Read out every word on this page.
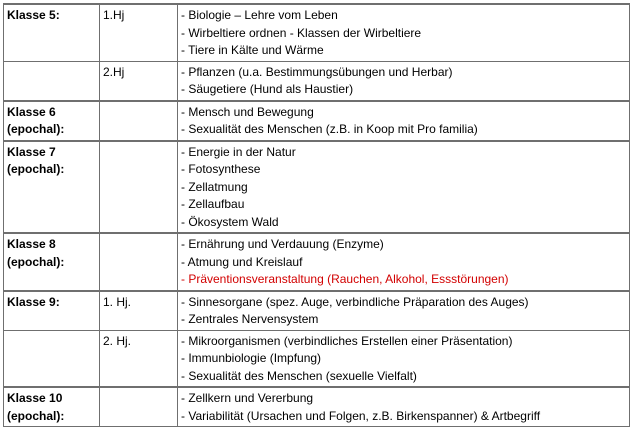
Klasse 5:	1.Hj	- Biologie – Lehre vom Leben
- Wirbeltiere ordnen - Klassen der Wirbeltiere
- Tiere in Kälte und Wärme

	2.Hj	- Pflanzen (u.a. Bestimmungsübungen und Herbar)
- Säugetiere (Hund als Haustier)

Klasse 6 (epochal):		- Mensch und Bewegung
- Sexualität des Menschen (z.B. in Koop mit Pro familia)

Klasse 7 (epochal):		- Energie in der Natur
- Fotosynthese
- Zellatmung
- Zellaufbau
- Ökosystem Wald

Klasse 8 (epochal):		- Ernährung und Verdauung (Enzyme)
- Atmung und Kreislauf
- Präventionsveranstaltung (Rauchen, Alkohol, Essstörungen)

Klasse 9:	1. Hj.	- Sinnesorgane (spez. Auge, verbindliche Präparation des Auges)
- Zentrales Nervensystem

	2. Hj.	- Mikroorganismen (verbindliches Erstellen einer Präsentation)
- Immunbiologie (Impfung)
- Sexualität des Menschen (sexuelle Vielfalt)

Klasse 10 (epochal):		- Zellkern und Vererbung
- Variabilität (Ursachen und Folgen, z.B. Birkenspanner) & Artbegriff
